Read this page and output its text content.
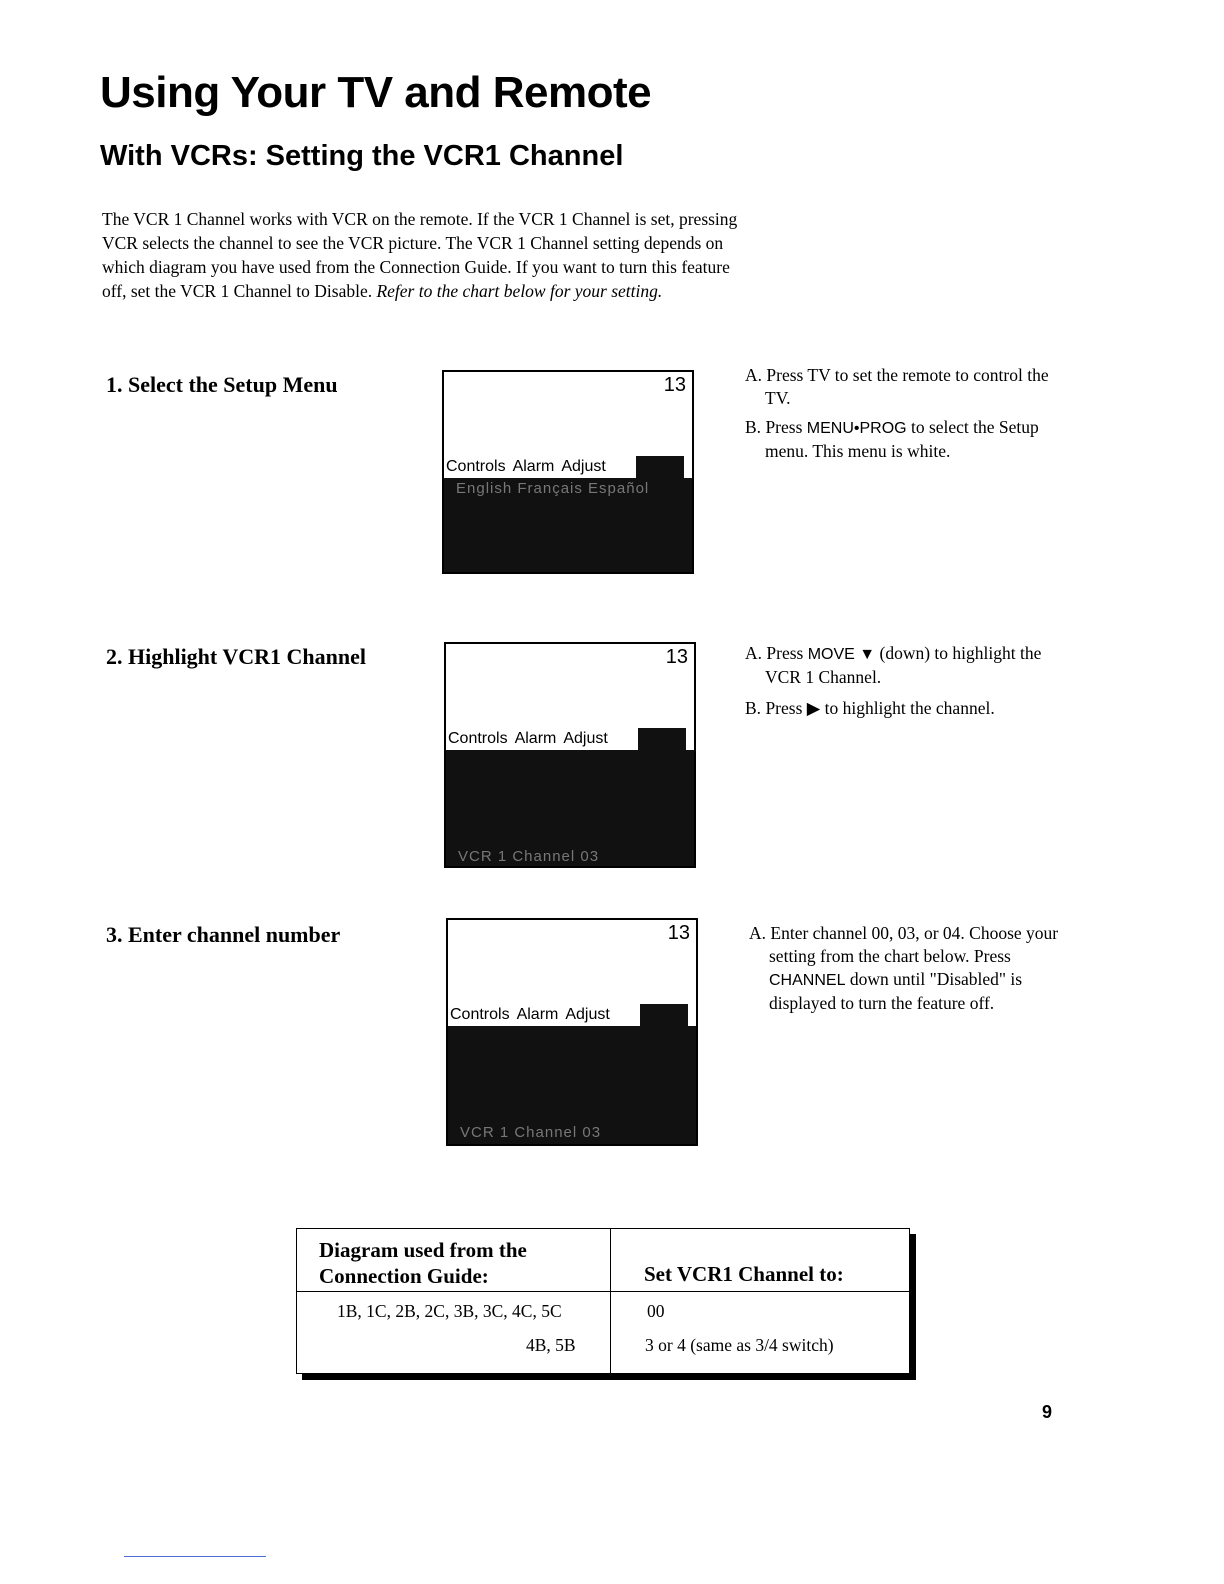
Using Your TV and Remote
With VCRs: Setting the VCR1 Channel
The VCR 1 Channel works with VCR on the remote. If the VCR 1 Channel is set, pressing VCR selects the channel to see the VCR picture. The VCR 1 Channel setting depends on which diagram you have used from the Connection Guide. If you want to turn this feature off, set the VCR 1 Channel to Disable. Refer to the chart below for your setting.
1. Select the Setup Menu	13
Controls Alarm Adjust
English Français Español
A. Press TV to set the remote to control the TV.
B. Press MENU•PROG to select the Setup menu. This menu is white.
2. Highlight VCR1 Channel	13
Controls Alarm Adjust
VCR 1 Channel 03
A. Press MOVE ▼ (down) to highlight the VCR 1 Channel.
B. Press ▶ to highlight the channel.
3. Enter channel number	13
Controls Alarm Adjust
VCR 1 Channel 03
A. Enter channel 00, 03, or 04. Choose your setting from the chart below. Press CHANNEL down until "Disabled" is displayed to turn the feature off.
Diagram used from the Connection Guide:	Set VCR1 Channel to:
1B, 1C, 2B, 2C, 3B, 3C, 4C, 5C	00
4B, 5B	3 or 4 (same as 3/4 switch)
9
